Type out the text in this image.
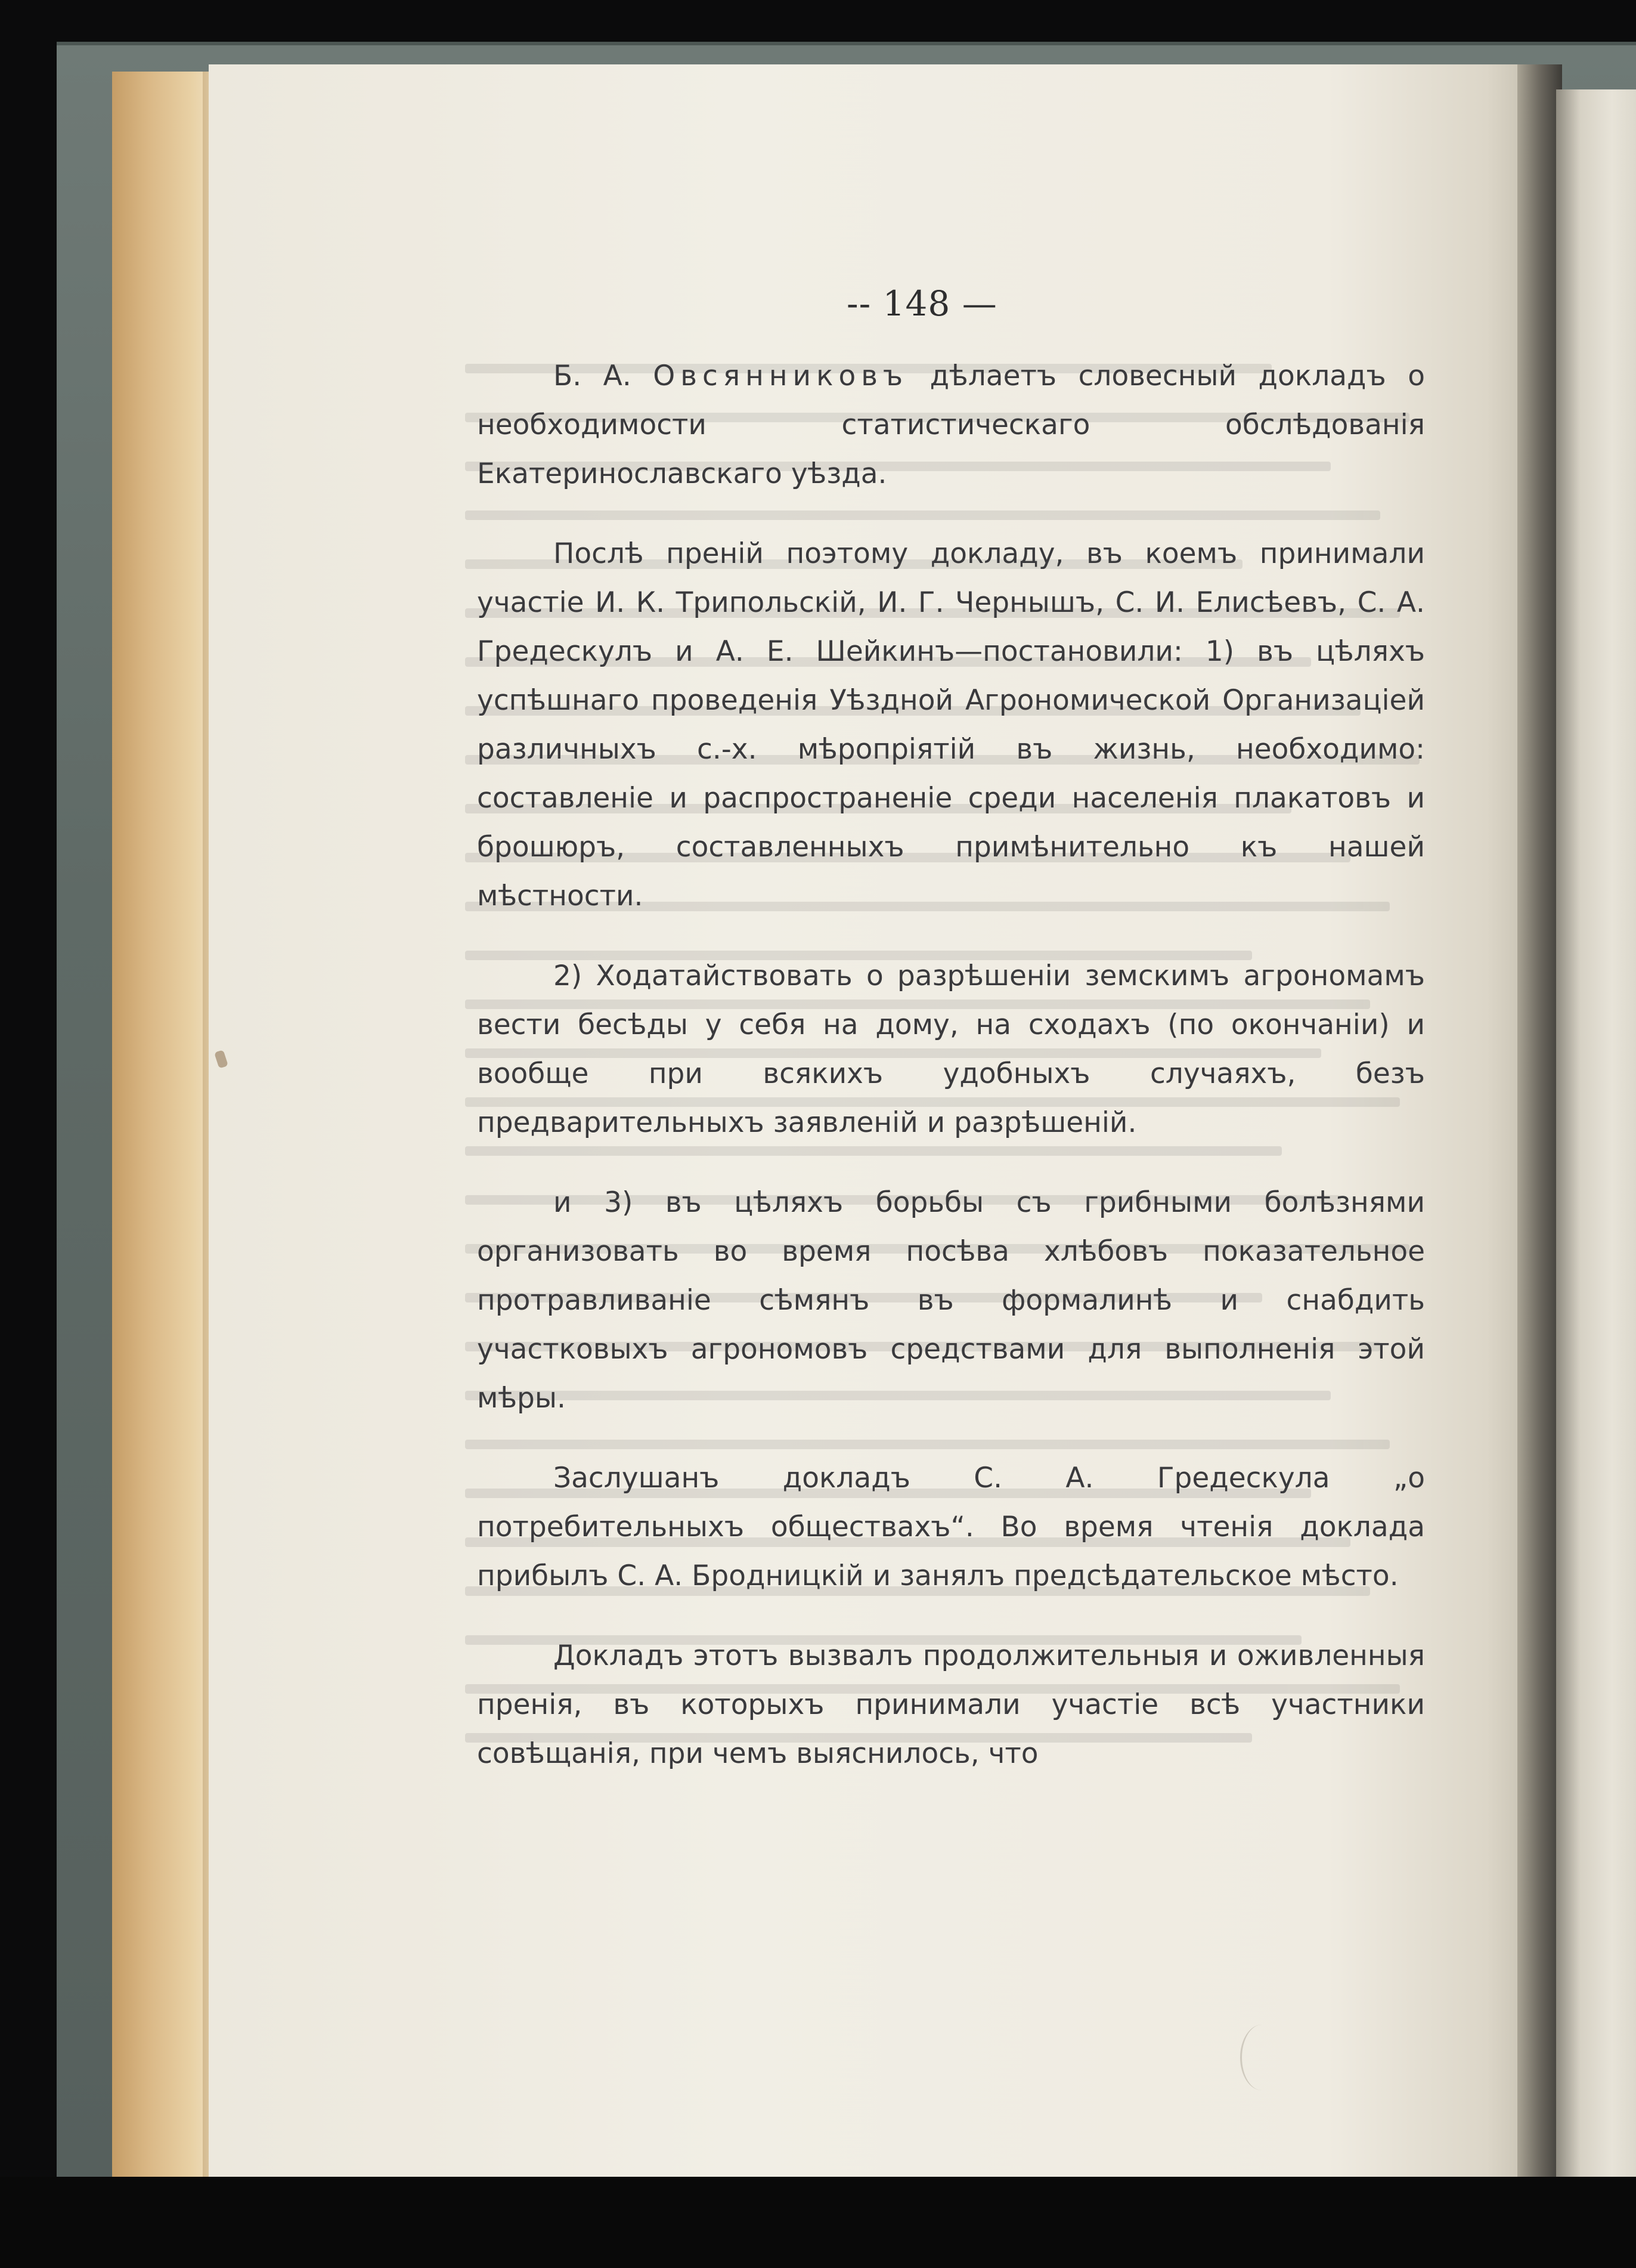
-- 148 —

Б. А. Овсянниковъ дѣлаетъ словесный докладъ о необходимости статистическаго обслѣдованія Екатеринославскаго уѣзда.

Послѣ преній поэтому докладу, въ коемъ принимали участіе И. К. Трипольскій, И. Г. Чернышъ, С. И. Елисѣевъ, С. А. Гредескулъ и А. Е. Шейкинъ—постановили: 1) въ цѣляхъ успѣшнаго проведенія Уѣздной Агрономической Организаціей различныхъ с.-х. мѣропріятій въ жизнь, необходимо: составленіе и распространеніе среди населенія плакатовъ и брошюръ, составленныхъ примѣнительно къ нашей мѣстности.

2) Ходатайствовать о разрѣшеніи земскимъ агрономамъ вести бесѣды у себя на дому, на сходахъ (по окончаніи) и вообще при всякихъ удобныхъ случаяхъ, безъ предварительныхъ заявленій и разрѣшеній.

и 3) въ цѣляхъ борьбы съ грибными болѣзнями организовать во время посѣва хлѣбовъ показательное протравливаніе сѣмянъ въ формалинѣ и снабдить участковыхъ агрономовъ средствами для выполненія этой мѣры.

Заслушанъ докладъ С. А. Гредескула „о потребительныхъ обществахъ“. Во время чтенія доклада прибылъ С. А. Бродницкій и занялъ предсѣдательское мѣсто.

Докладъ этотъ вызвалъ продолжительныя и оживленныя пренія, въ которыхъ принимали участіе всѣ участники совѣщанія, при чемъ выяснилось, что
